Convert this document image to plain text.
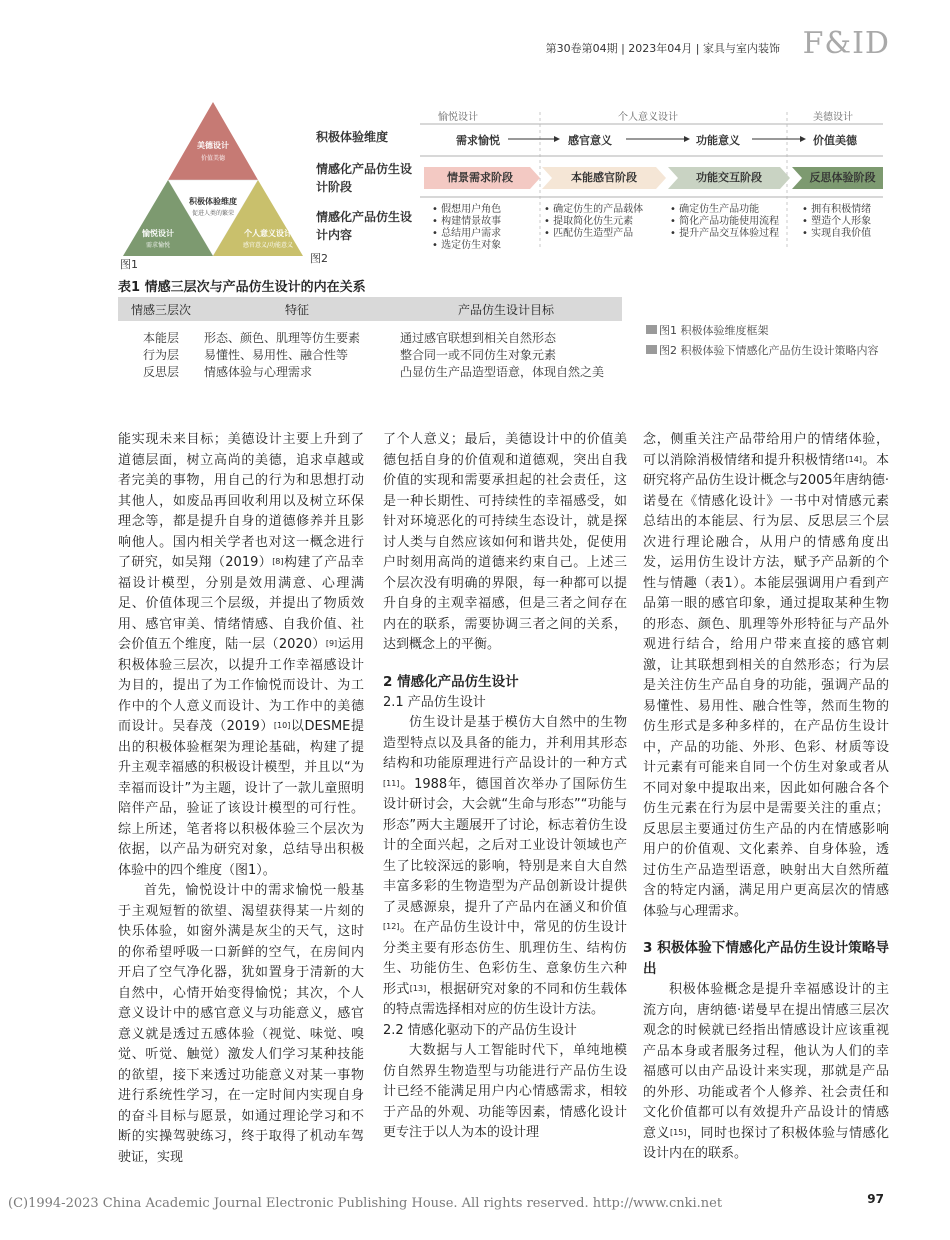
第30卷第04期 | 2023年04月 | 家具与室内装饰 F&ID
美德设计
价值美德
积极体验维度
促进人类的繁荣
愉悦设计
需求愉悦
个人意义设计
感官意义/功能意义
图1
愉悦设计	个人意义设计	美德设计
积极体验维度
情感化产品仿生设计阶段
情感化产品仿生设计内容
需求愉悦	感官意义	功能意义	价值美德
情景需求阶段	本能感官阶段	功能交互阶段	反思体验阶段
• 假想用户角色
• 构建情景故事
• 总结用户需求
• 选定仿生对象
• 确定仿生的产品载体
• 提取简化仿生元素
• 匹配仿生造型产品
• 确定仿生产品功能
• 简化产品功能使用流程
• 提升产品交互体验过程
• 拥有积极情绪
• 塑造个人形象
• 实现自我价值
图2
表1 情感三层次与产品仿生设计的内在关系
情感三层次	特征	产品仿生设计目标
本能层	形态、颜色、肌理等仿生要素	通过感官联想到相关自然形态
行为层	易懂性、易用性、融合性等	整合同一或不同仿生对象元素
反思层	情感体验与心理需求	凸显仿生产品造型语意，体现自然之美
图1 积极体验维度框架
图2 积极体验下情感化产品仿生设计策略内容

能实现未来目标；美德设计主要上升到了道德层面，树立高尚的美德，追求卓越或者完美的事物，用自己的行为和思想打动其他人，如废品再回收利用以及树立环保理念等，都是提升自身的道德修养并且影响他人。国内相关学者也对这一概念进行了研究，如吴翔（2019）[8]构建了产品幸福设计模型，分别是效用满意、心理满足、价值体现三个层级，并提出了物质效用、感官审美、情绪情感、自我价值、社会价值五个维度，陆一层（2020）[9]运用积极体验三层次，以提升工作幸福感设计为目的，提出了为工作愉悦而设计、为工作中的个人意义而设计、为工作中的美德而设计。吴春茂（2019）[10]以DESME提出的积极体验框架为理论基础，构建了提升主观幸福感的积极设计模型，并且以“为幸福而设计”为主题，设计了一款儿童照明陪伴产品，验证了该设计模型的可行性。综上所述，笔者将以积极体验三个层次为依据，以产品为研究对象，总结导出积极体验中的四个维度（图1）。

首先，愉悦设计中的需求愉悦一般基于主观短暂的欲望、渴望获得某一片刻的快乐体验，如窗外满是灰尘的天气，这时的你希望呼吸一口新鲜的空气，在房间内开启了空气净化器，犹如置身于清新的大自然中，心情开始变得愉悦；其次，个人意义设计中的感官意义与功能意义，感官意义就是透过五感体验（视觉、味觉、嗅觉、听觉、触觉）激发人们学习某种技能的欲望，接下来透过功能意义对某一事物进行系统性学习，在一定时间内实现自身的奋斗目标与愿景，如通过理论学习和不断的实操驾驶练习，终于取得了机动车驾驶证，实现

了个人意义；最后，美德设计中的价值美德包括自身的价值观和道德观，突出自我价值的实现和需要承担起的社会责任，这是一种长期性、可持续性的幸福感受，如针对环境恶化的可持续生态设计，就是探讨人类与自然应该如何和谐共处，促使用户时刻用高尚的道德来约束自己。上述三个层次没有明确的界限，每一种都可以提升自身的主观幸福感，但是三者之间存在内在的联系，需要协调三者之间的关系，达到概念上的平衡。

2 情感化产品仿生设计
2.1 产品仿生设计

仿生设计是基于模仿大自然中的生物造型特点以及具备的能力，并利用其形态结构和功能原理进行产品设计的一种方式[11]。1988年，德国首次举办了国际仿生设计研讨会，大会就“生命与形态”“功能与形态”两大主题展开了讨论，标志着仿生设计的全面兴起，之后对工业设计领域也产生了比较深远的影响，特别是来自大自然丰富多彩的生物造型为产品创新设计提供了灵感源泉，提升了产品内在涵义和价值[12]。在产品仿生设计中，常见的仿生设计分类主要有形态仿生、肌理仿生、结构仿生、功能仿生、色彩仿生、意象仿生六种形式[13]，根据研究对象的不同和仿生载体的特点需选择相对应的仿生设计方法。

2.2 情感化驱动下的产品仿生设计

大数据与人工智能时代下，单纯地模仿自然界生物造型与功能进行产品仿生设计已经不能满足用户内心情感需求，相较于产品的外观、功能等因素，情感化设计更专注于以人为本的设计理

念，侧重关注产品带给用户的情绪体验，可以消除消极情绪和提升积极情绪[14]。本研究将产品仿生设计概念与2005年唐纳德·诺曼在《情感化设计》一书中对情感元素总结出的本能层、行为层、反思层三个层次进行理论融合，从用户的情感角度出发，运用仿生设计方法，赋予产品新的个性与情趣（表1）。本能层强调用户看到产品第一眼的感官印象，通过提取某种生物的形态、颜色、肌理等外形特征与产品外观进行结合，给用户带来直接的感官刺激，让其联想到相关的自然形态；行为层是关注仿生产品自身的功能，强调产品的易懂性、易用性、融合性等，然而生物的仿生形式是多种多样的，在产品仿生设计中，产品的功能、外形、色彩、材质等设计元素有可能来自同一个仿生对象或者从不同对象中提取出来，因此如何融合各个仿生元素在行为层中是需要关注的重点；反思层主要通过仿生产品的内在情感影响用户的价值观、文化素养、自身体验，透过仿生产品造型语意，映射出大自然所蕴含的特定内涵，满足用户更高层次的情感体验与心理需求。

3 积极体验下情感化产品仿生设计策略导出

积极体验概念是提升幸福感设计的主流方向，唐纳德·诺曼早在提出情感三层次观念的时候就已经指出情感设计应该重视产品本身或者服务过程，他认为人们的幸福感可以由产品设计来实现，那就是产品的外形、功能或者个人修养、社会责任和文化价值都可以有效提升产品设计的情感意义[15]，同时也探讨了积极体验与情感化设计内在的联系。

97
(C)1994-2023 China Academic Journal Electronic Publishing House. All rights reserved. http://www.cnki.net
